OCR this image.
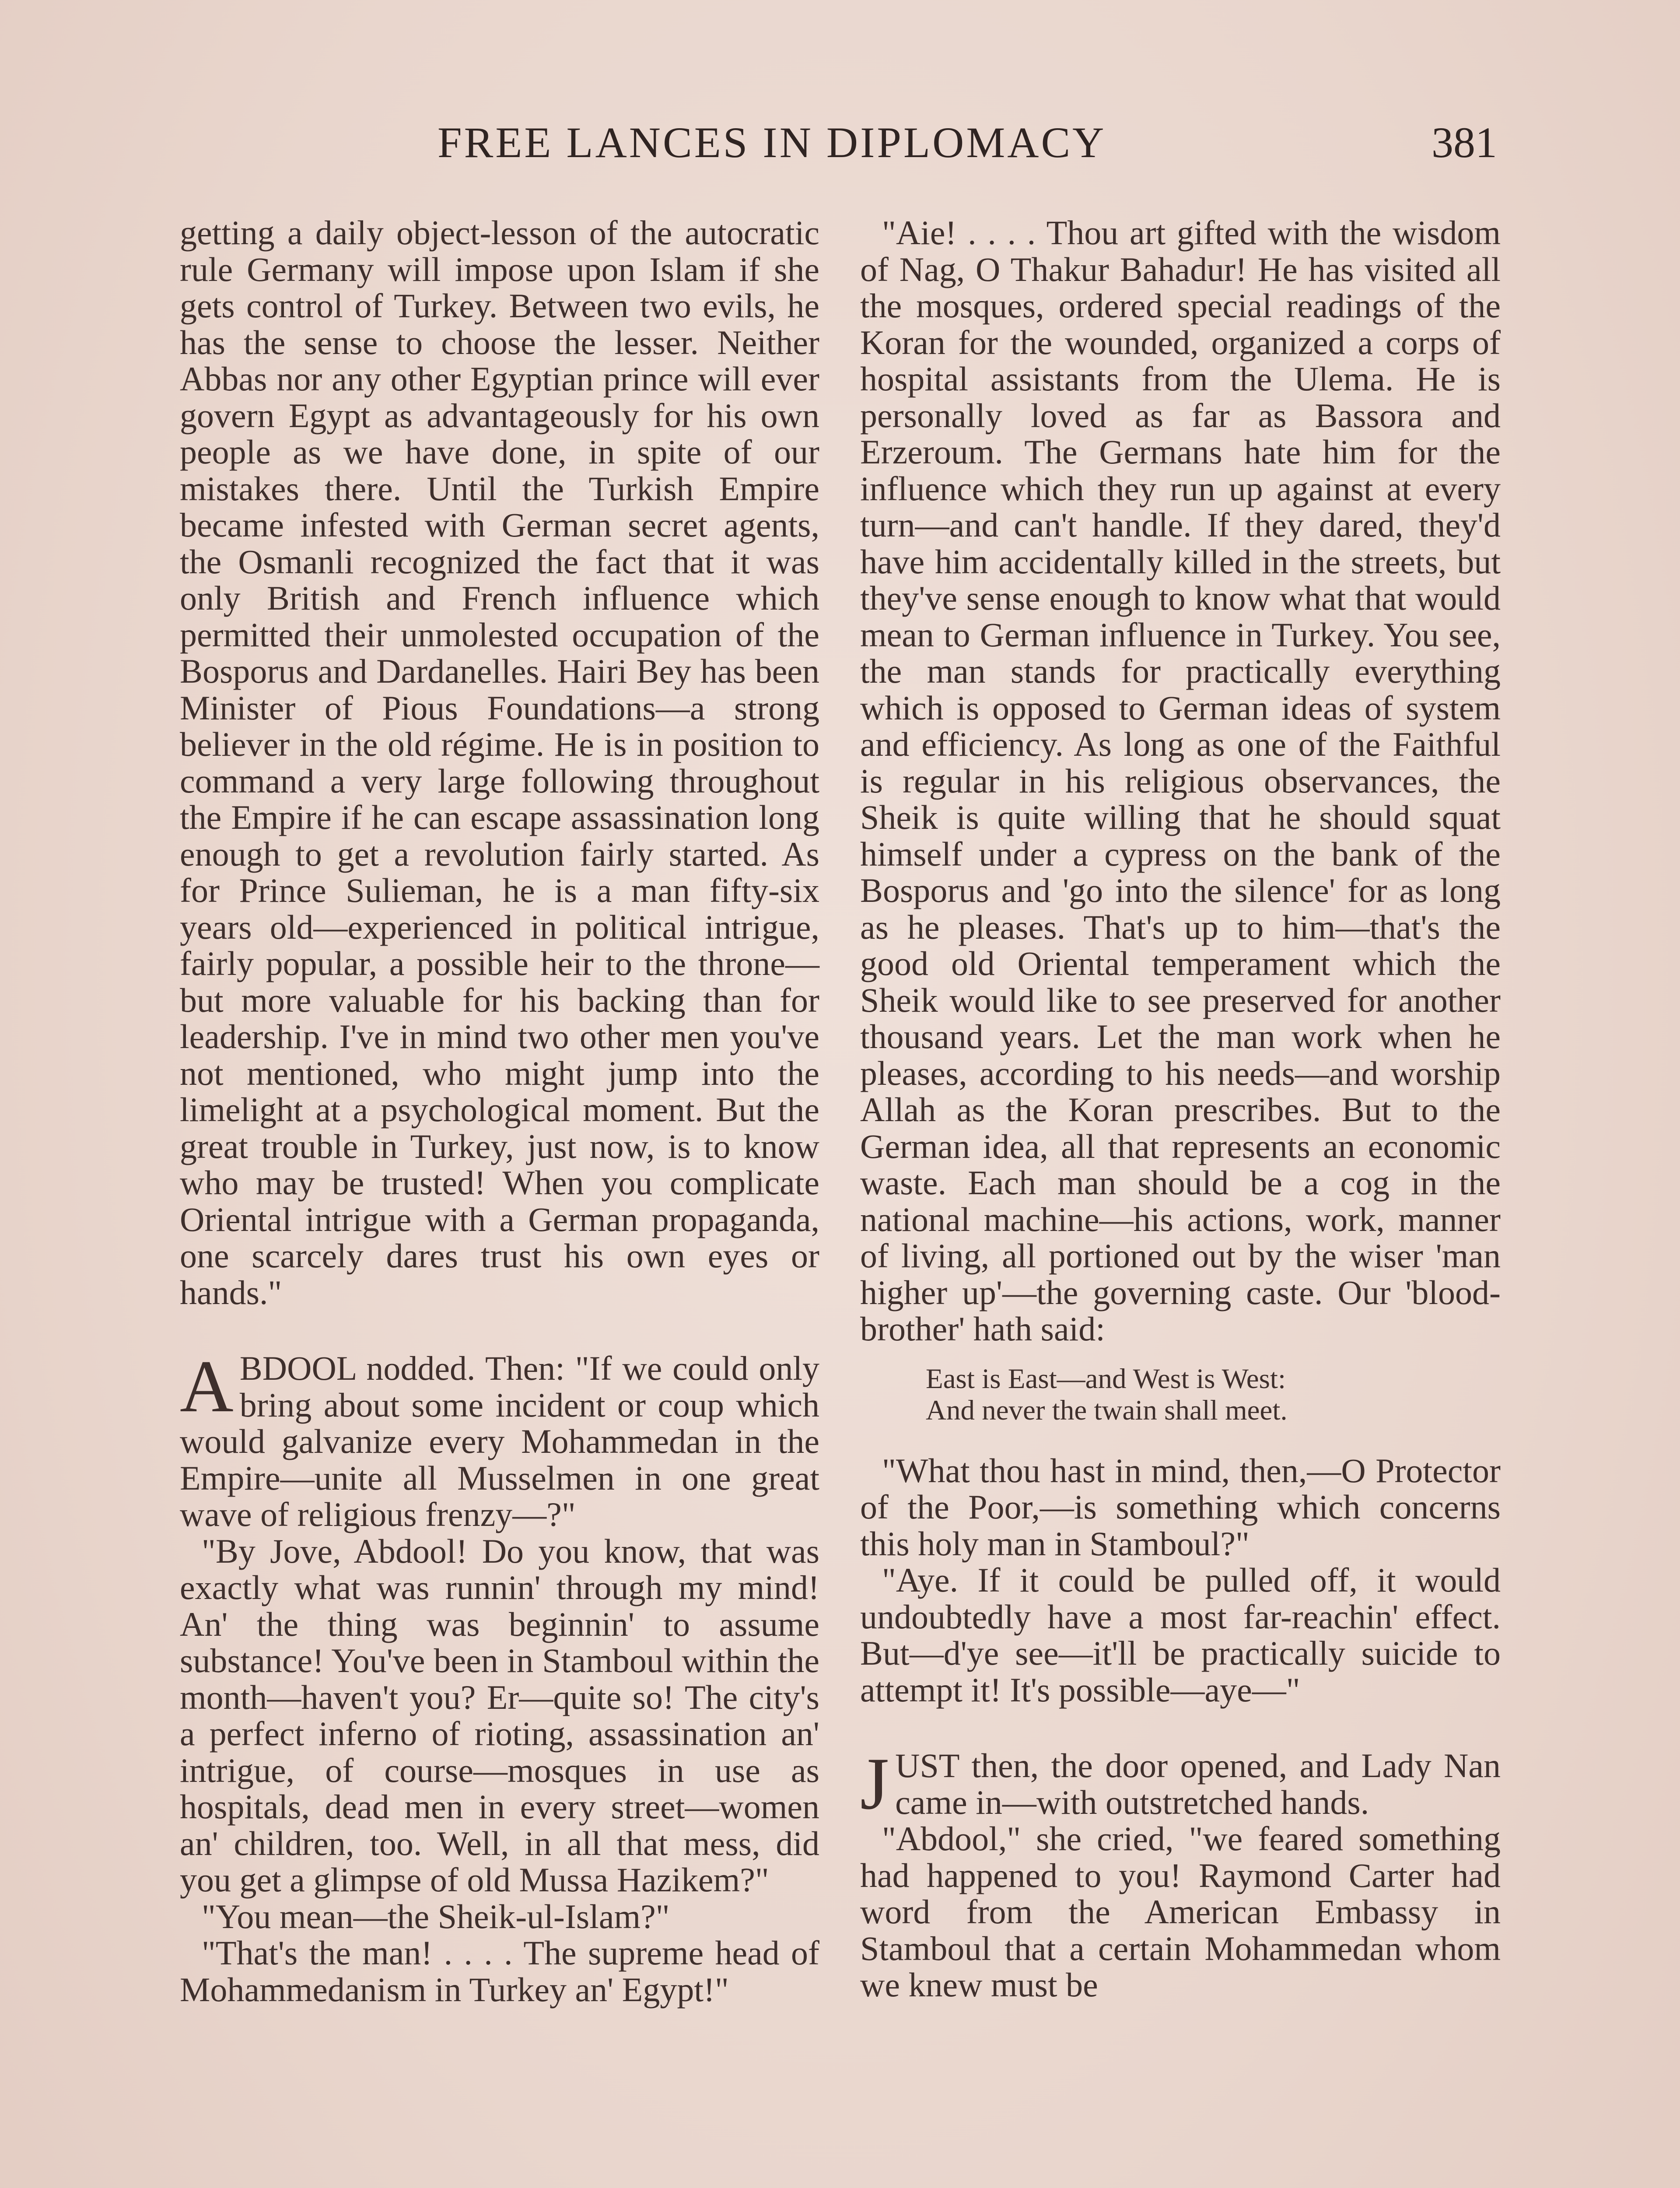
FREE LANCES IN DIPLOMACY	381

getting a daily object-lesson of the autocratic rule Germany will impose upon Islam if she gets control of Turkey. Between two evils, he has the sense to choose the lesser. Neither Abbas nor any other Egyptian prince will ever govern Egypt as advantageously for his own people as we have done, in spite of our mistakes there. Until the Turkish Empire became infested with German secret agents, the Osmanli recognized the fact that it was only British and French influence which permitted their unmolested occupation of the Bosporus and Dardanelles. Hairi Bey has been Minister of Pious Foundations—a strong believer in the old régime. He is in position to command a very large following throughout the Empire if he can escape assassination long enough to get a revolution fairly started. As for Prince Sulieman, he is a man fifty-six years old—experienced in political intrigue, fairly popular, a possible heir to the throne—but more valuable for his backing than for leadership. I've in mind two other men you've not mentioned, who might jump into the limelight at a psychological moment. But the great trouble in Turkey, just now, is to know who may be trusted! When you complicate Oriental intrigue with a German propaganda, one scarcely dares trust his own eyes or hands."

ABDOOL nodded. Then: "If we could only bring about some incident or coup which would galvanize every Mohammedan in the Empire—unite all Musselmen in one great wave of religious frenzy—?"

"By Jove, Abdool! Do you know, that was exactly what was runnin' through my mind! An' the thing was beginnin' to assume substance! You've been in Stamboul within the month—haven't you? Er—quite so! The city's a perfect inferno of rioting, assassination an' intrigue, of course—mosques in use as hospitals, dead men in every street—women an' children, too. Well, in all that mess, did you get a glimpse of old Mussa Hazikem?"

"You mean—the Sheik-ul-Islam?"

"That's the man! . . . . The supreme head of Mohammedanism in Turkey an' Egypt!"

"Aie! . . . . Thou art gifted with the wisdom of Nag, O Thakur Bahadur! He has visited all the mosques, ordered special readings of the Koran for the wounded, organized a corps of hospital assistants from the Ulema. He is personally loved as far as Bassora and Erzeroum. The Germans hate him for the influence which they run up against at every turn—and can't handle. If they dared, they'd have him accidentally killed in the streets, but they've sense enough to know what that would mean to German influence in Turkey. You see, the man stands for practically everything which is opposed to German ideas of system and efficiency. As long as one of the Faithful is regular in his religious observances, the Sheik is quite willing that he should squat himself under a cypress on the bank of the Bosporus and 'go into the silence' for as long as he pleases. That's up to him—that's the good old Oriental temperament which the Sheik would like to see preserved for another thousand years. Let the man work when he pleases, according to his needs—and worship Allah as the Koran prescribes. But to the German idea, all that represents an economic waste. Each man should be a cog in the national machine—his actions, work, manner of living, all portioned out by the wiser 'man higher up'—the governing caste. Our 'blood-brother' hath said:

East is East—and West is West:
And never the twain shall meet.

"What thou hast in mind, then,—O Protector of the Poor,—is something which concerns this holy man in Stamboul?"

"Aye. If it could be pulled off, it would undoubtedly have a most far-reachin' effect. But—d'ye see—it'll be practically suicide to attempt it! It's possible—aye—"

JUST then, the door opened, and Lady Nan came in—with outstretched hands.

"Abdool," she cried, "we feared something had happened to you! Raymond Carter had word from the American Embassy in Stamboul that a certain Mohammedan whom we knew must be
